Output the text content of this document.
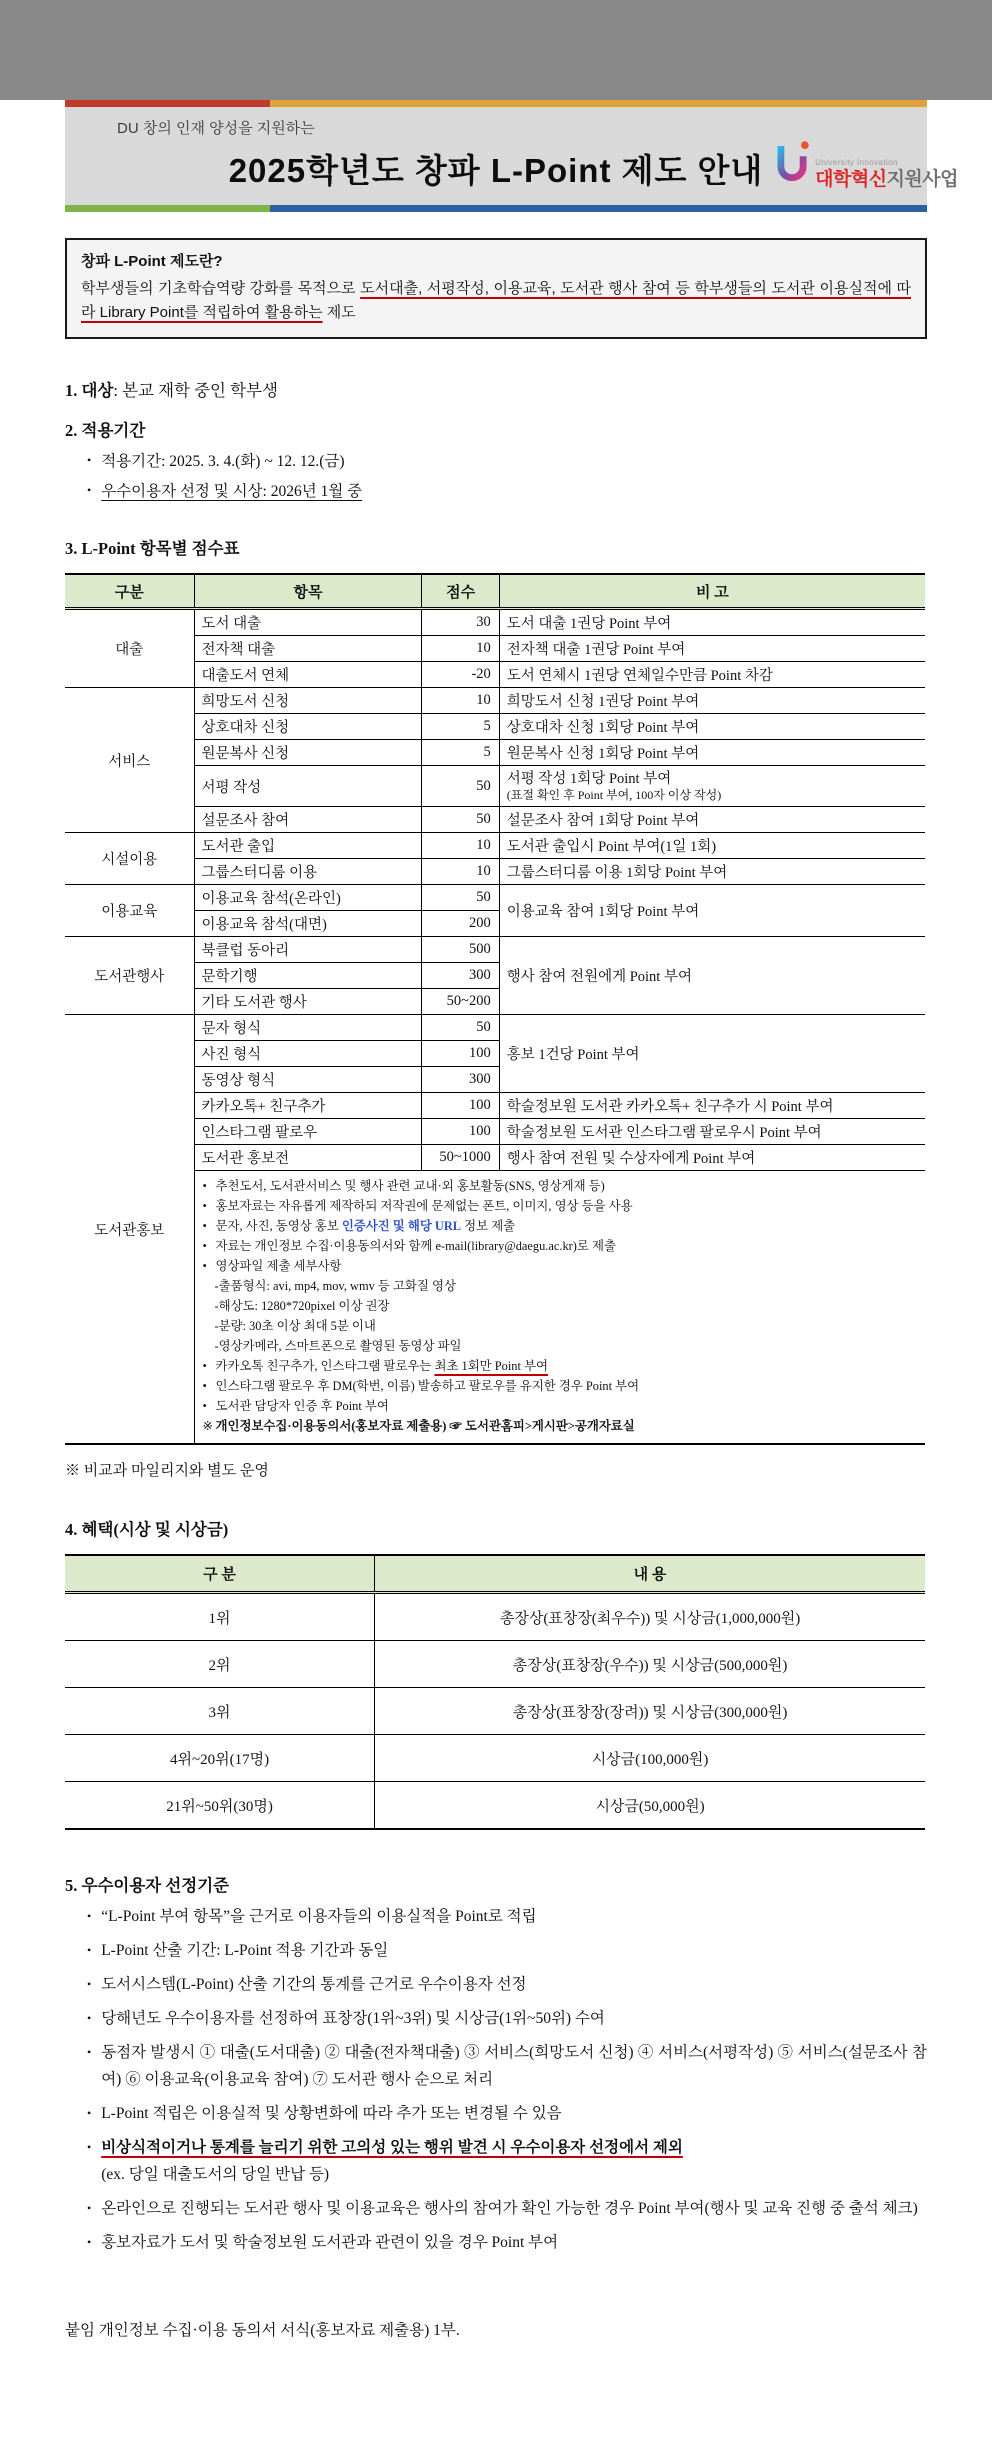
University Innovation
대학혁신지원사업
DU 창의 인재 양성을 지원하는
2025학년도 창파 L-Point 제도 안내
창파 L-Point 제도란?
학부생들의 기초학습역량 강화를 목적으로 도서대출, 서평작성, 이용교육, 도서관 행사 참여 등 학부생들의 도서관 이용실적에 따라 Library Point를 적립하여 활용하는 제도
1. 대상: 본교 재학 중인 학부생
2. 적용기간
• 적용기간: 2025. 3. 4.(화) ~ 12. 12.(금)
• 우수이용자 선정 및 시상: 2026년 1월 중
3. L-Point 항목별 점수표
구분	항목	점수	비 고
대출	도서 대출	30	도서 대출 1권당 Point 부여

	전자책 대출	10	전자책 대출 1권당 Point 부여

	대출도서 연체	-20	도서 연체시 1권당 연체일수만큼 Point 차감

서비스	희망도서 신청	10	희망도서 신청 1권당 Point 부여

	상호대차 신청	5	상호대차 신청 1회당 Point 부여

	원문복사 신청	5	원문복사 신청 1회당 Point 부여

	서평 작성	50	서평 작성 1회당 Point 부여
(표절 확인 후 Point 부여, 100자 이상 작성)

	설문조사 참여	50	설문조사 참여 1회당 Point 부여

시설이용	도서관 출입	10	도서관 출입시 Point 부여(1일 1회)

	그룹스터디룸 이용	10	그룹스터디룸 이용 1회당 Point 부여

이용교육	이용교육 참석(온라인)	50	이용교육 참여 1회당 Point 부여

	이용교육 참석(대면)	200	
도서관행사	북클럽 동아리	500	행사 참여 전원에게 Point 부여

	문학기행	300	
	기타 도서관 행사	50~200	
도서관홍보	문자 형식	50	홍보 1건당 Point 부여

	사진 형식	100	
	동영상 형식	300	
	카카오톡+ 친구추가	100	학술정보원 도서관 카카오톡+ 친구추가 시 Point 부여

	인스타그램 팔로우	100	학술정보원 도서관 인스타그램 팔로우시 Point 부여

	도서관 홍보전	50~1000	행사 참여 전원 및 수상자에게 Point 부여

• 추천도서, 도서관서비스 및 행사 관련 교내·외 홍보활동(SNS, 영상게재 등)
• 홍보자료는 자유롭게 제작하되 저작권에 문제없는 폰트, 이미지, 영상 등을 사용
• 문자, 사진, 동영상 홍보 인증사진 및 해당 URL 정보 제출
• 자료는 개인정보 수집·이용동의서와 함께 e-mail(library@daegu.ac.kr)로 제출
• 영상파일 제출 세부사항
-출품형식: avi, mp4, mov, wmv 등 고화질 영상
-해상도: 1280*720pixel 이상 권장
-분량: 30초 이상 최대 5분 이내
-영상카메라, 스마트폰으로 촬영된 동영상 파일
• 카카오톡 친구추가, 인스타그램 팔로우는 최초 1회만 Point 부여
• 인스타그램 팔로우 후 DM(학번, 이름) 발송하고 팔로우를 유지한 경우 Point 부여
• 도서관 담당자 인증 후 Point 부여
※ 개인정보수집·이용동의서(홍보자료 제출용) ☞ 도서관홈피>게시판>공개자료실
※ 비교과 마일리지와 별도 운영
4. 혜택(시상 및 시상금)
구 분	내 용
1위	총장상(표창장(최우수)) 및 시상금(1,000,000원)
2위	총장상(표창장(우수)) 및 시상금(500,000원)
3위	총장상(표창장(장려)) 및 시상금(300,000원)
4위~20위(17명)	시상금(100,000원)
21위~50위(30명)	시상금(50,000원)
5. 우수이용자 선정기준
• “L-Point 부여 항목”을 근거로 이용자들의 이용실적을 Point로 적립
• L-Point 산출 기간: L-Point 적용 기간과 동일
• 도서시스템(L-Point) 산출 기간의 통계를 근거로 우수이용자 선정
• 당해년도 우수이용자를 선정하여 표창장(1위~3위) 및 시상금(1위~50위) 수여
• 동점자 발생시 ① 대출(도서대출) ② 대출(전자책대출) ③ 서비스(희망도서 신청) ④ 서비스(서평작성) ⑤ 서비스(설문조사 참여) ⑥ 이용교육(이용교육 참여) ⑦ 도서관 행사 순으로 처리
• L-Point 적립은 이용실적 및 상황변화에 따라 추가 또는 변경될 수 있음
• 비상식적이거나 통계를 늘리기 위한 고의성 있는 행위 발견 시 우수이용자 선정에서 제외
(ex. 당일 대출도서의 당일 반납 등)
• 온라인으로 진행되는 도서관 행사 및 이용교육은 행사의 참여가 확인 가능한 경우 Point 부여(행사 및 교육 진행 중 출석 체크)
• 홍보자료가 도서 및 학술정보원 도서관과 관련이 있을 경우 Point 부여
붙임 개인정보 수집·이용 동의서 서식(홍보자료 제출용) 1부.
